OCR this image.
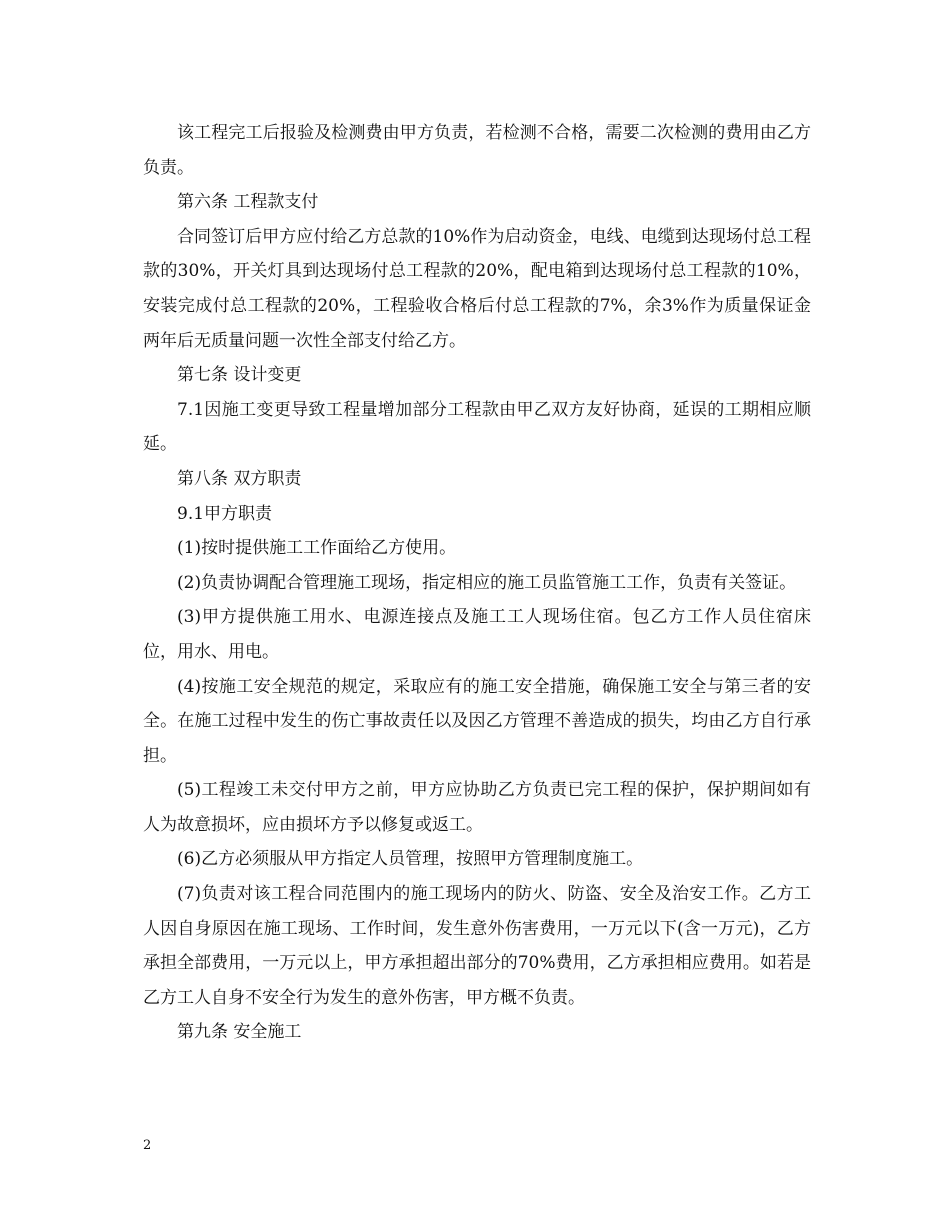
该工程完工后报验及检测费由甲方负责，若检测不合格，需要二次检测的费用由乙方负责。

第六条 工程款支付

合同签订后甲方应付给乙方总款的10%作为启动资金，电线、电缆到达现场付总工程款的30%，开关灯具到达现场付总工程款的20%，配电箱到达现场付总工程款的10%，安装完成付总工程款的20%，工程验收合格后付总工程款的7%，余3%作为质量保证金两年后无质量问题一次性全部支付给乙方。

第七条 设计变更

7.1因施工变更导致工程量增加部分工程款由甲乙双方友好协商，延误的工期相应顺延。

第八条 双方职责

9.1甲方职责

(1)按时提供施工工作面给乙方使用。

(2)负责协调配合管理施工现场，指定相应的施工员监管施工工作，负责有关签证。

(3)甲方提供施工用水、电源连接点及施工工人现场住宿。包乙方工作人员住宿床位，用水、用电。

(4)按施工安全规范的规定，采取应有的施工安全措施，确保施工安全与第三者的安全。在施工过程中发生的伤亡事故责任以及因乙方管理不善造成的损失，均由乙方自行承担。

(5)工程竣工未交付甲方之前，甲方应协助乙方负责已完工程的保护，保护期间如有人为故意损坏，应由损坏方予以修复或返工。

(6)乙方必须服从甲方指定人员管理，按照甲方管理制度施工。

(7)负责对该工程合同范围内的施工现场内的防火、防盗、安全及治安工作。乙方工人因自身原因在施工现场、工作时间，发生意外伤害费用，一万元以下(含一万元)，乙方承担全部费用，一万元以上，甲方承担超出部分的70%费用，乙方承担相应费用。如若是乙方工人自身不安全行为发生的意外伤害，甲方概不负责。

第九条 安全施工

2
